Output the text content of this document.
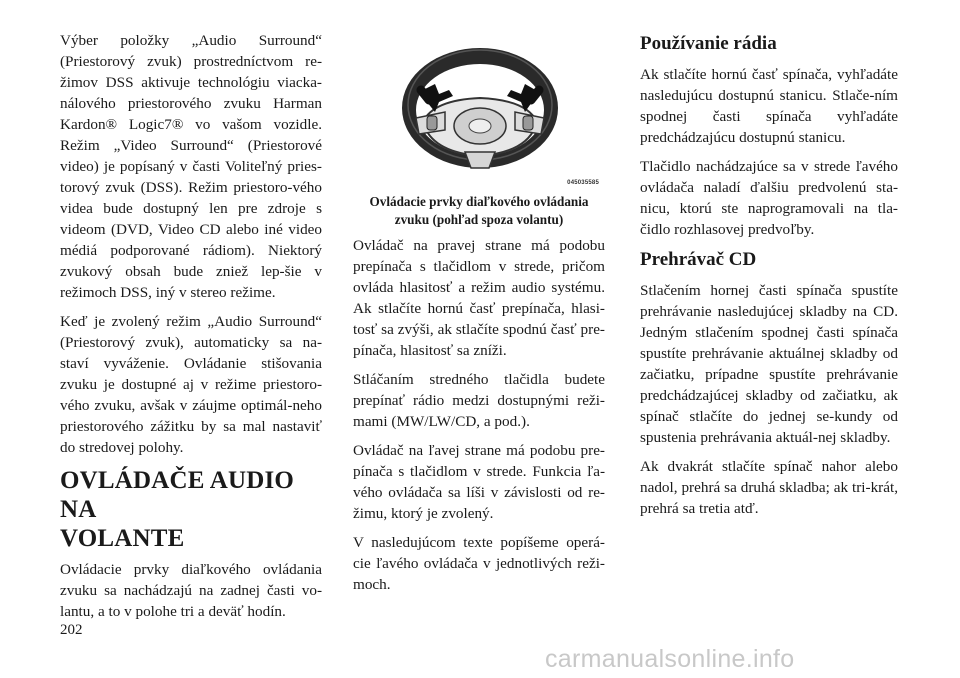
Výber položky „Audio Surround“ (Priestorový zvuk) prostredníctvom re-žimov DSS aktivuje technológiu viacka-nálového priestorového zvuku Harman Kardon® Logic7® vo vašom vozidle. Režim „Video Surround“ (Priestorové video) je popísaný v časti Voliteľný pries-torový zvuk (DSS). Režim priestoro-vého videa bude dostupný len pre zdroje s videom (DVD, Video CD alebo iné video médiá podporované rádiom). Niektorý zvukový obsah bude zniež lep-šie v režimoch DSS, iný v stereo režime.

Keď je zvolený režim „Audio Surround“ (Priestorový zvuk), automaticky sa na-staví vyváženie. Ovládanie stišovania zvuku je dostupné aj v režime priestoro-vého zvuku, avšak v záujme optimál-neho priestorového zážitku by sa mal nastaviť do stredovej polohy.

OVLÁDAČE AUDIO NA
VOLANTE

Ovládacie prvky diaľkového ovládania zvuku sa nachádzajú na zadnej časti vo-lantu, a to v polohe tri a deväť hodín.

045035585
Ovládacie prvky diaľkového ovládania
zvuku (pohľad spoza volantu)

Ovládač na pravej strane má podobu prepínača s tlačidlom v strede, pričom ovláda hlasitosť a režim audio systému. Ak stlačíte hornú časť prepínača, hlasi-tosť sa zvýši, ak stlačíte spodnú časť pre-pínača, hlasitosť sa zníži.

Stláčaním stredného tlačidla budete prepínať rádio medzi dostupnými reži-mami (MW/LW/CD, a pod.).

Ovládač na ľavej strane má podobu pre-pínača s tlačidlom v strede. Funkcia ľa-vého ovládača sa líši v závislosti od re-žimu, ktorý je zvolený.

V nasledujúcom texte popíšeme operá-cie ľavého ovládača v jednotlivých reži-moch.

Používanie rádia

Ak stlačíte hornú časť spínača, vyhľadáte nasledujúcu dostupnú stanicu. Stlače-ním spodnej časti spínača vyhľadáte predchádzajúcu dostupnú stanicu.

Tlačidlo nachádzajúce sa v strede ľavého ovládača naladí ďalšiu predvolenú sta-nicu, ktorú ste naprogramovali na tla-čidlo rozhlasovej predvoľby.

Prehrávač CD

Stlačením hornej časti spínača spustíte prehrávanie nasledujúcej skladby na CD. Jedným stlačením spodnej časti spínača spustíte prehrávanie aktuálnej skladby od začiatku, prípadne spustíte prehrávanie predchádzajúcej skladby od začiatku, ak spínač stlačíte do jednej se-kundy od spustenia prehrávania aktuál-nej skladby.

Ak dvakrát stlačíte spínač nahor alebo nadol, prehrá sa druhá skladba; ak tri-krát, prehrá sa tretia atď.

202
carmanualsonline.info
